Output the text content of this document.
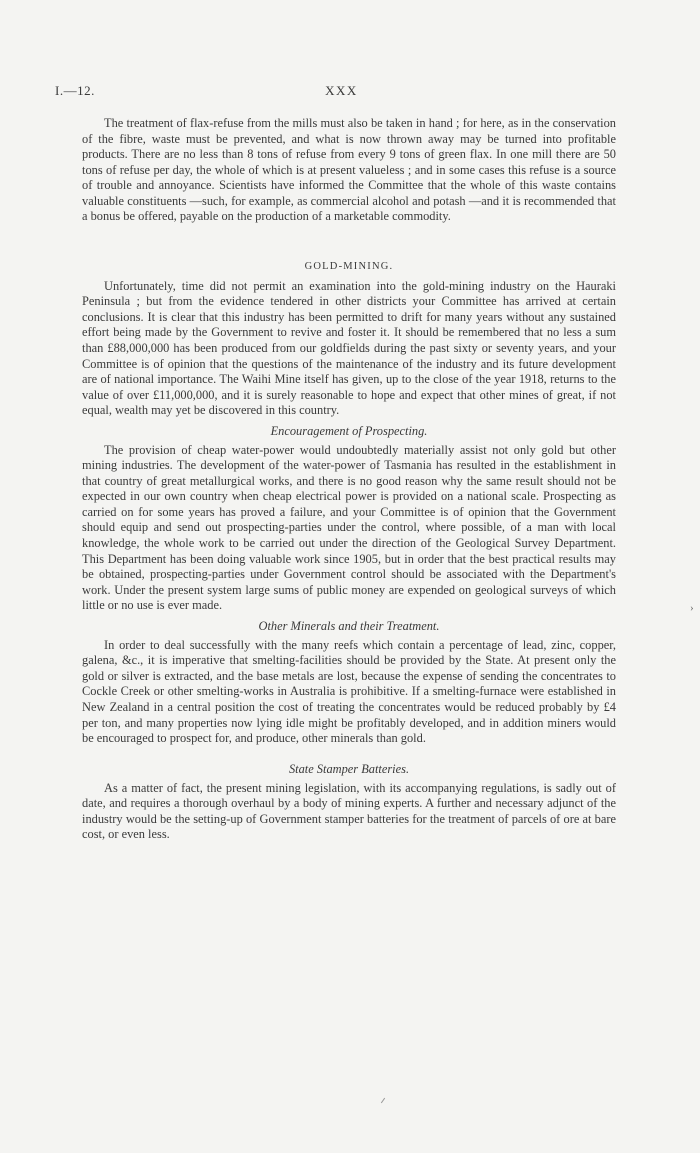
I.—12.	XXX

The treatment of flax-refuse from the mills must also be taken in hand ; for here, as in the conservation of the fibre, waste must be prevented, and what is now thrown away may be turned into profitable products. There are no less than 8 tons of refuse from every 9 tons of green flax. In one mill there are 50 tons of refuse per day, the whole of which is at present valueless ; and in some cases this refuse is a source of trouble and annoyance. Scientists have informed the Committee that the whole of this waste contains valuable constituents —such, for example, as commercial alcohol and potash —and it is recommended that a bonus be offered, payable on the production of a marketable commodity.

GOLD-MINING.

Unfortunately, time did not permit an examination into the gold-mining industry on the Hauraki Peninsula ; but from the evidence tendered in other districts your Committee has arrived at certain conclusions. It is clear that this industry has been permitted to drift for many years without any sustained effort being made by the Government to revive and foster it. It should be remembered that no less a sum than £88,000,000 has been produced from our goldfields during the past sixty or seventy years, and your Committee is of opinion that the questions of the maintenance of the industry and its future development are of national importance. The Waihi Mine itself has given, up to the close of the year 1918, returns to the value of over £11,000,000, and it is surely reasonable to hope and expect that other mines of great, if not equal, wealth may yet be discovered in this country.

Encouragement of Prospecting.

The provision of cheap water-power would undoubtedly materially assist not only gold but other mining industries. The development of the water-power of Tasmania has resulted in the establishment in that country of great metallurgical works, and there is no good reason why the same result should not be expected in our own country when cheap electrical power is provided on a national scale. Prospecting as carried on for some years has proved a failure, and your Committee is of opinion that the Government should equip and send out prospecting-parties under the control, where possible, of a man with local knowledge, the whole work to be carried out under the direction of the Geological Survey Department. This Department has been doing valuable work since 1905, but in order that the best practical results may be obtained, prospecting-parties under Government control should be associated with the Department's work. Under the present system large sums of public money are expended on geological surveys of which little or no use is ever made.

Other Minerals and their Treatment.

In order to deal successfully with the many reefs which contain a percentage of lead, zinc, copper, galena, &c., it is imperative that smelting-facilities should be provided by the State. At present only the gold or silver is extracted, and the base metals are lost, because the expense of sending the concentrates to Cockle Creek or other smelting-works in Australia is prohibitive. If a smelting-furnace were established in New Zealand in a central position the cost of treating the concentrates would be reduced probably by £4 per ton, and many properties now lying idle might be profitably developed, and in addition miners would be encouraged to prospect for, and produce, other minerals than gold.

State Stamper Batteries.

As a matter of fact, the present mining legislation, with its accompanying regulations, is sadly out of date, and requires a thorough overhaul by a body of mining experts. A further and necessary adjunct of the industry would be the setting-up of Government stamper batteries for the treatment of parcels of ore at bare cost, or even less.

›
